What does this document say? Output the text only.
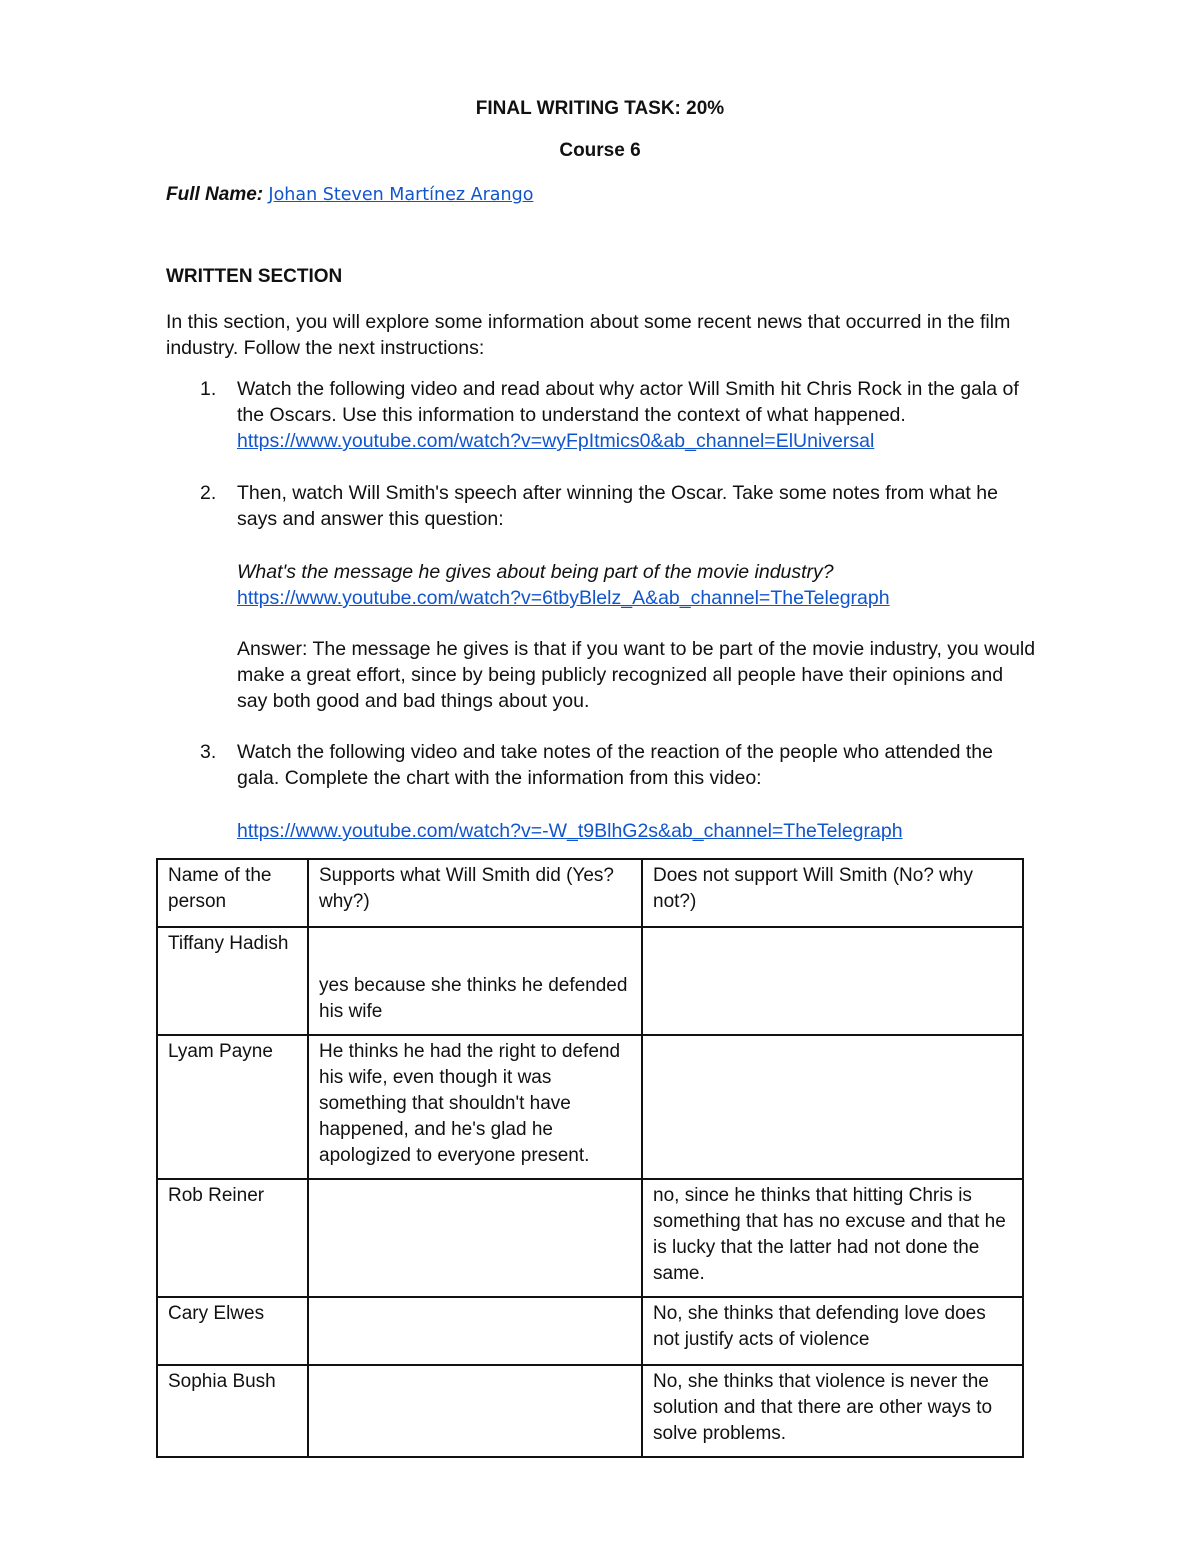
FINAL WRITING TASK: 20%
Course 6
Full Name: Johan Steven Martínez Arango
WRITTEN SECTION
In this section, you will explore some information about some recent news that occurred in the film industry. Follow the next instructions:
1. Watch the following video and read about why actor Will Smith hit Chris Rock in the gala of the Oscars. Use this information to understand the context of what happened.
https://www.youtube.com/watch?v=wyFpItmics0&ab_channel=ElUniversal
2. Then, watch Will Smith's speech after winning the Oscar. Take some notes from what he says and answer this question:
What's the message he gives about being part of the movie industry?
https://www.youtube.com/watch?v=6tbyBlelz_A&ab_channel=TheTelegraph
Answer: The message he gives is that if you want to be part of the movie industry, you would make a great effort, since by being publicly recognized all people have their opinions and say both good and bad things about you.
3. Watch the following video and take notes of the reaction of the people who attended the gala. Complete the chart with the information from this video:
https://www.youtube.com/watch?v=-W_t9BlhG2s&ab_channel=TheTelegraph
Name of the person	Supports what Will Smith did (Yes? why?)	Does not support Will Smith (No? why not?)
Tiffany Hadish	yes because she thinks he defended his wife	

Lyam Payne	He thinks he had the right to defend his wife, even though it was something that shouldn't have happened, and he's glad he apologized to everyone present.	
Rob Reiner		no, since he thinks that hitting Chris is something that has no excuse and that he is lucky that the latter had not done the same.
Cary Elwes		No, she thinks that defending love does not justify acts of violence
Sophia Bush		No, she thinks that violence is never the solution and that there are other ways to solve problems.
